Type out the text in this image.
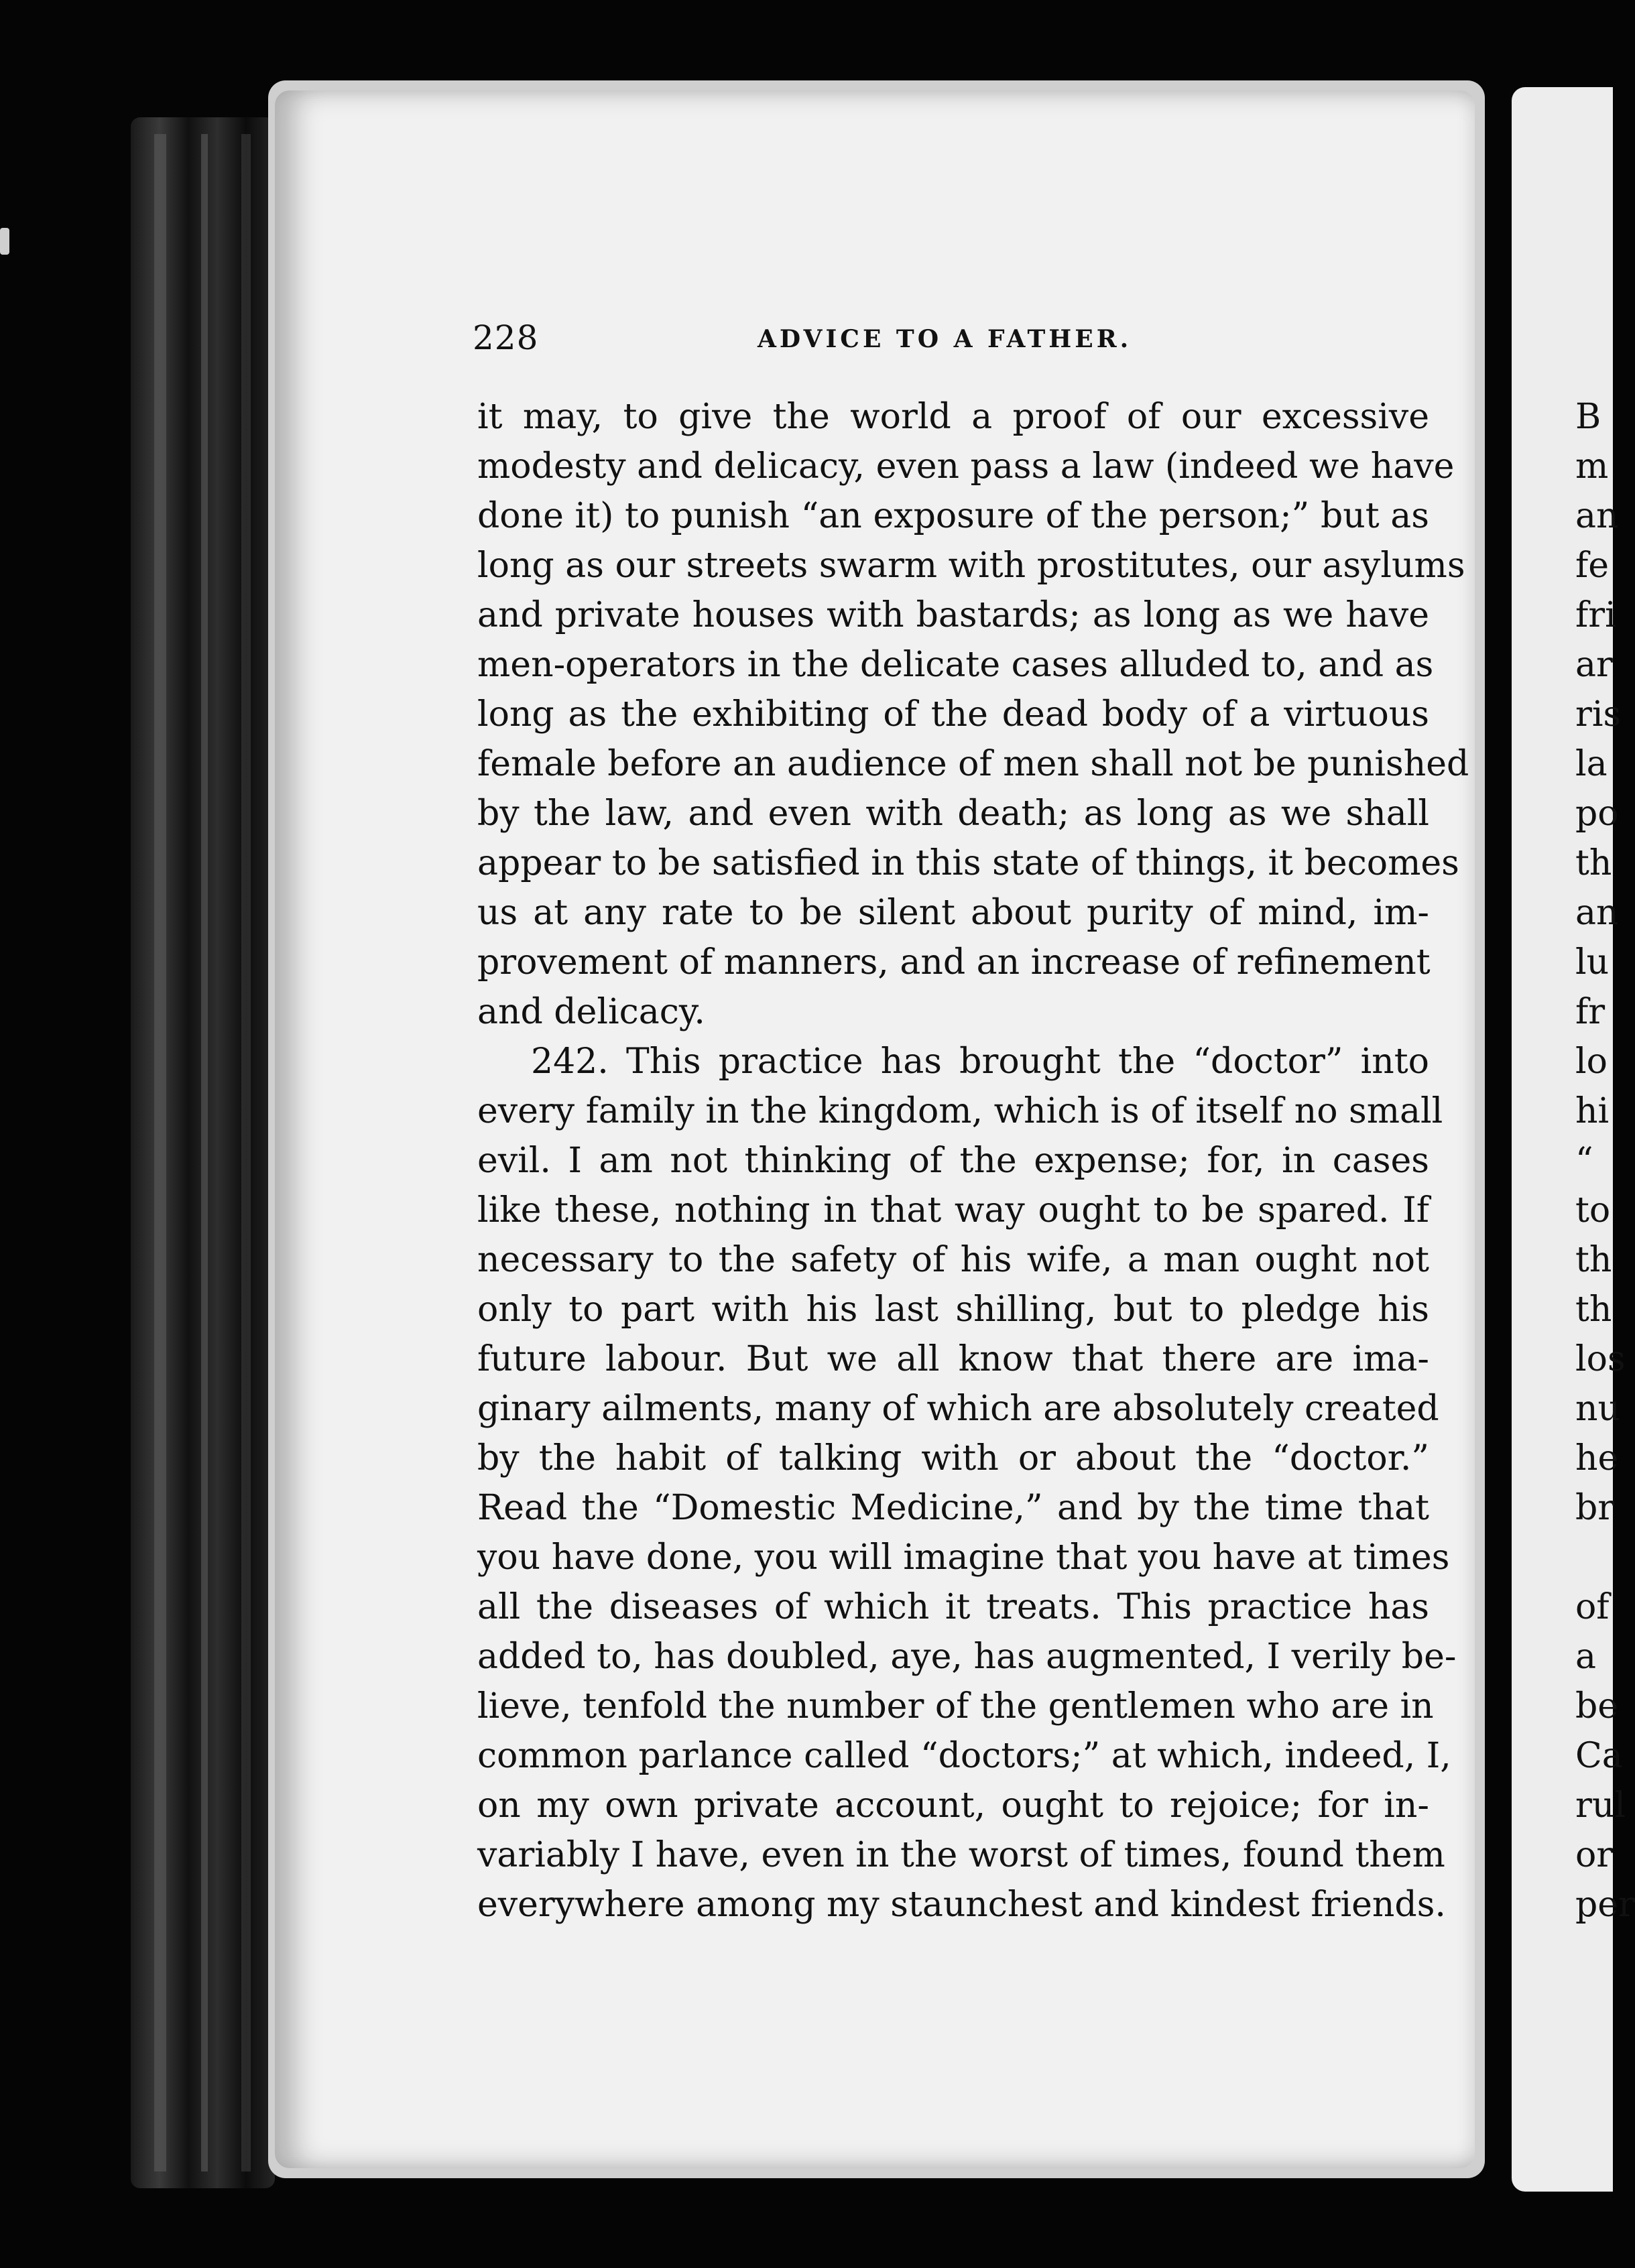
228	ADVICE TO A FATHER.
it may, to give the world a proof of our excessive
modesty and delicacy, even pass a law (indeed we have
done it) to punish “an exposure of the person;” but as
long as our streets swarm with prostitutes, our asylums
and private houses with bastards; as long as we have
men-operators in the delicate cases alluded to, and as
long as the exhibiting of the dead body of a virtuous
female before an audience of men shall not be punished
by the law, and even with death; as long as we shall
appear to be satisfied in this state of things, it becomes
us at any rate to be silent about purity of mind, im-
provement of manners, and an increase of refinement
and delicacy.
242. This practice has brought the “doctor” into
every family in the kingdom, which is of itself no small
evil. I am not thinking of the expense; for, in cases
like these, nothing in that way ought to be spared. If
necessary to the safety of his wife, a man ought not
only to part with his last shilling, but to pledge his
future labour. But we all know that there are ima-
ginary ailments, many of which are absolutely created
by the habit of talking with or about the “doctor.”
Read the “Domestic Medicine,” and by the time that
you have done, you will imagine that you have at times
all the diseases of which it treats. This practice has
added to, has doubled, aye, has augmented, I verily be-
lieve, tenfold the number of the gentlemen who are in
common parlance called “doctors;” at which, indeed, I,
on my own private account, ought to rejoice; for in-
variably I have, even in the worst of times, found them
everywhere among my staunchest and kindest friends.
B
m
an
fe
fri
ar
ris
la
po
th
an
lu
fr
lo
hi
“
to
th
th
los
nu
he
br
of
a
be
Ca
rul
or
per
